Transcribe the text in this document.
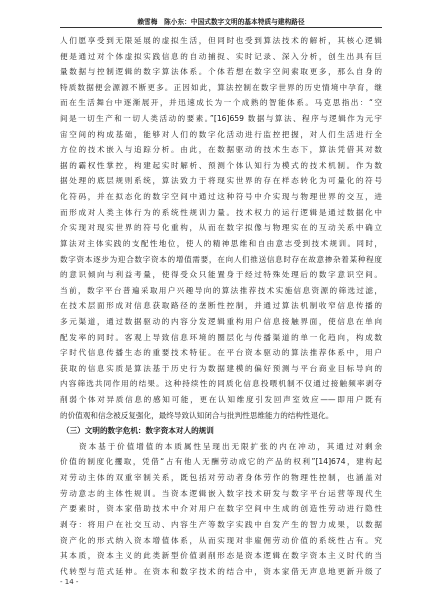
赖雪梅　陈小东：中国式数字文明的基本特质与建构路径
人们愿享受到无限延展的虚拟生活，但同时也受到算法技术的解析，其核心逻辑
便是通过对个体虚拟实践信息的自动捕捉、实时记录、深入分析，创生出具有巨
量数据与控制逻辑的数字算法体系。个体若想在数字空间索取更多，那么自身的
特质数据便会源源不断更多。正因如此，算法控制在数字世界的历史情境中孕育，继
而在生活舞台中逐渐展开，并迅速成长为一个成熟的智能体系。马克思指出：“空
间是一切生产和一切人类活动的要素。”[16]659 数据与算法、程序与逻辑作为元宇
宙空间的构成基础，能够对人们的数字化活动进行监控把握，对人们生活进行全
方位的技术嵌入与追踪分析。由此，在数据驱动的技术生态下，算法凭借其对数
据的霸权性掌控，构建起实时解析、预测个体认知行为模式的技术机制。作为数
据处理的底层规则系统，算法致力于将现实世界的存在样态转化为可量化的符号
化符码，并在拟态化的数字空间中通过这种符号中介实现与物理世界的交互，进
而形成对人类主体行为的系统性规训力量。技术权力的运行逻辑是通过数据化中
介实现对现实世界的符号化重构，从而在数字拟像与物理实在的互动关系中确立
算法对主体实践的支配性地位，使人的精神思维和自由意志受到技术规训。同时，
数字资本逐步为迎合数字资本的增值需要，在向人们推送信息时存在故意掺杂着某种程度
的意识倾向与利益考量，使得受众只能置身于经过特殊处理后的数字意识空间。
当前，数字平台普遍采取用户兴趣导向的算法推荐技术实施信息资源的筛选过滤，
在技术层面形成对信息获取路径的垄断性控制，并通过算法机制收窄信息传播的
多元渠道，通过数据驱动的内容分发逻辑重构用户信息接触界面，使信息在单向
配发率的同时。客观上导致信息环境的圈层化与传播渠道的单一化趋向，构成数
字时代信息传播生态的重要技术特征。在平台资本驱动的算法推荐体系中，用户
获取的信息实质是算法基于历史行为数据建模的偏好预测与平台商业目标导向的
内容筛选共同作用的结果。这种持续性的同质化信息投喂机制不仅通过接触频率剥夺
削弱个体对异质信息的感知可能，更在认知维度引发回声室效应——即用户既有
的价值观和信念被反复强化，最终导致认知闭合与批判性思维能力的结构性退化。
（三）文明的数字危机：数字资本对人的规训
　　资本基于价值增值的本质属性呈现出无限扩张的内在冲动，其通过对剩余
价值的制度化攫取，凭借“占有他人无酬劳动成它的产品的权利”[14]674，建构起
对劳动主体的双重宰制关系，既包括对劳动者身体劳作的物理性控制，也涵盖对
劳动意志的主体性规训。当资本逻辑嵌入数字技术研发与数字平台运营等现代生
产要素时，资本家借助技术中介对用户在数字空间中生成的创造性劳动进行隐性
剥夺：将用户在社交互动、内容生产等数字实践中自发产生的智力成果，以数据
资产化的形式纳入资本增值体系，从而实现对非雇佣劳动价值的系统性占有。究
其本质，资本主义的此类新型价值剥削形态是资本逻辑在数字资本主义时代的当
代转型与范式延伸。在资本和数字技术的结合中，资本家借无声息地更新升级了
- 14 -
